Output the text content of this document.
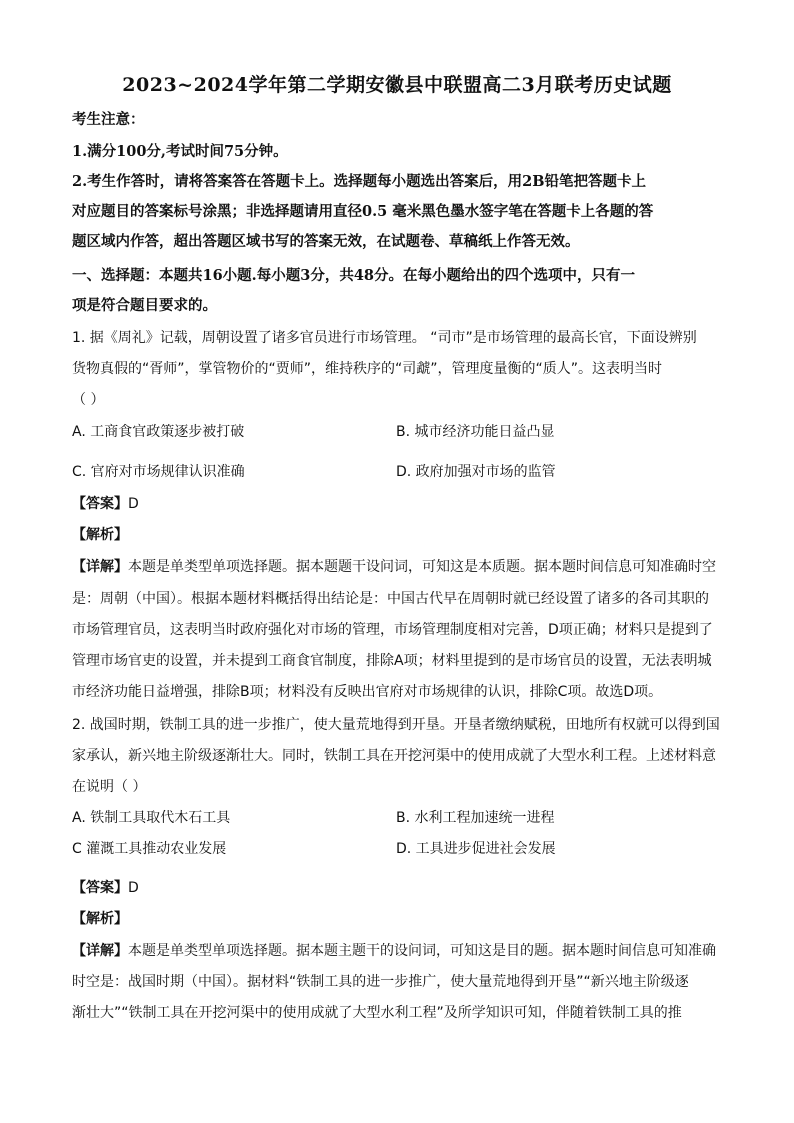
2023~2024学年第二学期安徽县中联盟高二3月联考历史试题
考生注意：
1.满分100分,考试时间75分钟。
2.考生作答时，请将答案答在答题卡上。选择题每小题选出答案后，用2B铅笔把答题卡上
对应题目的答案标号涂黑；非选择题请用直径0.5 毫米黑色墨水签字笔在答题卡上各题的答
题区域内作答，超出答题区域书写的答案无效，在试题卷、草稿纸上作答无效。
一、选择题：本题共16小题.每小题3分，共48分。在每小题给出的四个选项中，只有一
项是符合题目要求的。
1. 据《周礼》记载，周朝设置了诸多官员进行市场管理。 “司市”是市场管理的最高长官，下面设辨别
货物真假的“胥师”，掌管物价的“贾师”，维持秩序的“司虣”，管理度量衡的“质人”。这表明当时
（ ）
A. 工商食官政策逐步被打破	B. 城市经济功能日益凸显
C. 官府对市场规律认识准确	D. 政府加强对市场的监管
【答案】D
【解析】
【详解】本题是单类型单项选择题。据本题题干设问词，可知这是本质题。据本题时间信息可知准确时空
是：周朝（中国）。根据本题材料概括得出结论是：中国古代早在周朝时就已经设置了诸多的各司其职的
市场管理官员，这表明当时政府强化对市场的管理，市场管理制度相对完善，D项正确；材料只是提到了
管理市场官吏的设置，并未提到工商食官制度，排除A项；材料里提到的是市场官员的设置，无法表明城
市经济功能日益增强，排除B项；材料没有反映出官府对市场规律的认识，排除C项。故选D项。
2. 战国时期，铁制工具的进一步推广，使大量荒地得到开垦。开垦者缴纳赋税，田地所有权就可以得到国
家承认，新兴地主阶级逐渐壮大。同时，铁制工具在开挖河渠中的使用成就了大型水利工程。上述材料意
在说明（ ）
A. 铁制工具取代木石工具	B. 水利工程加速统一进程
C 灌溉工具推动农业发展	D. 工具进步促进社会发展
【答案】D
【解析】
【详解】本题是单类型单项选择题。据本题主题干的设问词，可知这是目的题。据本题时间信息可知准确
时空是：战国时期（中国）。据材料“铁制工具的进一步推广，使大量荒地得到开垦”“新兴地主阶级逐
渐壮大”“铁制工具在开挖河渠中的使用成就了大型水利工程”及所学知识可知，伴随着铁制工具的推
